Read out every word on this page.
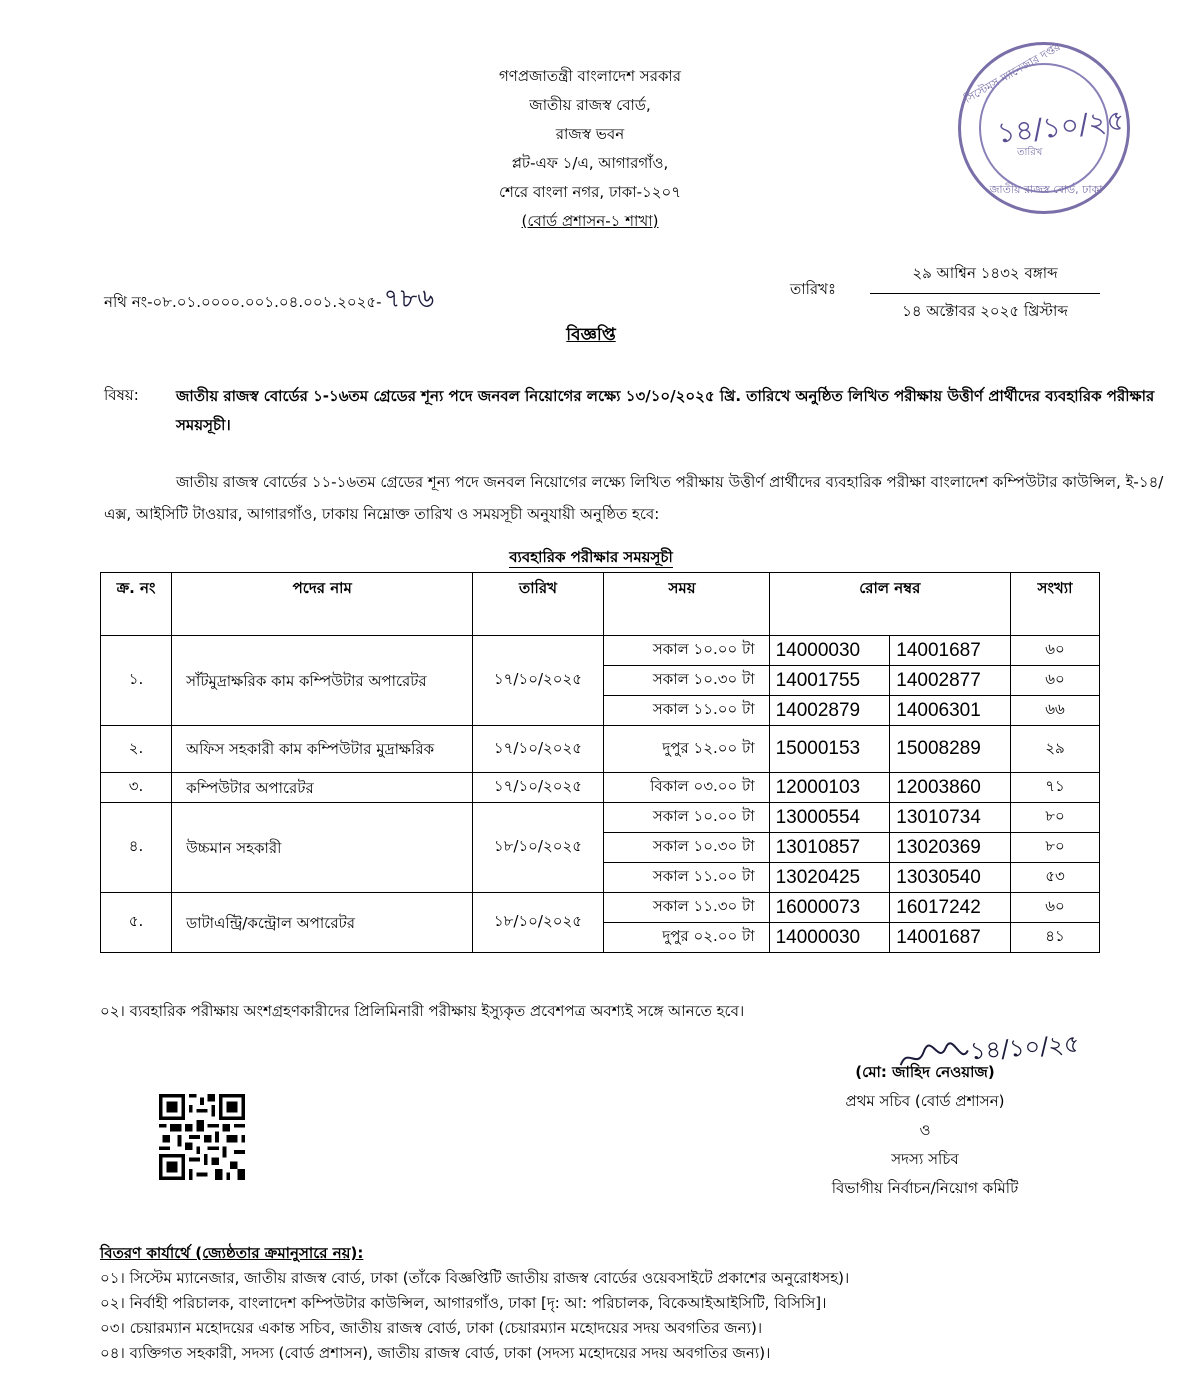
গণপ্রজাতন্ত্রী বাংলাদেশ সরকার
জাতীয় রাজস্ব বোর্ড,
রাজস্ব ভবন
প্লট-এফ ১/এ, আগারগাঁও,
শেরে বাংলা নগর, ঢাকা-১২০৭
(বোর্ড প্রশাসন-১ শাখা)
সিস্টেমস ম্যানেজার দপ্তর
তারিখ
১৪/১০/২৫
জাতীয় রাজস্ব বোর্ড, ঢাকা
নথি নং-০৮.০১.০০০০.০০১.০৪.০০১.২০২৫-৭৮৬	তারিখঃ
২৯ আশ্বিন ১৪৩২ বঙ্গাব্দ
১৪ অক্টোবর ২০২৫ খ্রিস্টাব্দ
বিজ্ঞপ্তি
বিষয়: জাতীয় রাজস্ব বোর্ডের ১-১৬তম গ্রেডের শূন্য পদে জনবল নিয়োগের লক্ষ্যে ১৩/১০/২০২৫ খ্রি. তারিখে অনুষ্ঠিত লিখিত পরীক্ষায় উত্তীর্ণ প্রার্থীদের ব্যবহারিক পরীক্ষার সময়সূচী।
জাতীয় রাজস্ব বোর্ডের ১১-১৬তম গ্রেডের শূন্য পদে জনবল নিয়োগের লক্ষ্যে লিখিত পরীক্ষায় উত্তীর্ণ প্রার্থীদের ব্যবহারিক পরীক্ষা বাংলাদেশ কম্পিউটার কাউন্সিল, ই-১৪/এক্স, আইসিটি টাওয়ার, আগারগাঁও, ঢাকায় নিম্নোক্ত তারিখ ও সময়সূচী অনুযায়ী অনুষ্ঠিত হবে:
ব্যবহারিক পরীক্ষার সময়সূচী
ক্র. নং	পদের নাম	তারিখ	সময়	রোল নম্বর		সংখ্যা
১.	সাঁটমুদ্রাক্ষরিক কাম কম্পিউটার অপারেটর	১৭/১০/২০২৫	সকাল ১০.০০ টা	14000030	14001687	৬০
			সকাল ১০.৩০ টা	14001755	14002877	৬০
			সকাল ১১.০০ টা	14002879	14006301	৬৬
২.	অফিস সহকারী কাম কম্পিউটার মুদ্রাক্ষরিক	১৭/১০/২০২৫	দুপুর ১২.০০ টা	15000153	15008289	২৯
৩.	কম্পিউটার অপারেটর	১৭/১০/২০২৫	বিকাল ০৩.০০ টা	12000103	12003860	৭১
৪.	উচ্চমান সহকারী	১৮/১০/২০২৫	সকাল ১০.০০ টা	13000554	13010734	৮০
			সকাল ১০.৩০ টা	13010857	13020369	৮০
			সকাল ১১.০০ টা	13020425	13030540	৫৩
৫.	ডাটাএন্ট্রি/কন্ট্রোল অপারেটর	১৮/১০/২০২৫	সকাল ১১.৩০ টা	16000073	16017242	৬০
			দুপুর ০২.০০ টা	14000030	14001687	৪১
০২। ব্যবহারিক পরীক্ষায় অংশগ্রহণকারীদের প্রিলিমিনারী পরীক্ষায় ইস্যুকৃত প্রবেশপত্র অবশ্যই সঙ্গে আনতে হবে।
১৪/১০/২৫
(মো: জাহিদ নেওয়াজ)
প্রথম সচিব (বোর্ড প্রশাসন)
ও
সদস্য সচিব
বিভাগীয় নির্বাচন/নিয়োগ কমিটি
বিতরণ কার্যার্থে (জ্যেষ্ঠতার ক্রমানুসারে নয়):
০১। সিস্টেম ম্যানেজার, জাতীয় রাজস্ব বোর্ড, ঢাকা (তাঁকে বিজ্ঞপ্তিটি জাতীয় রাজস্ব বোর্ডের ওয়েবসাইটে প্রকাশের অনুরোধসহ)।
০২। নির্বাহী পরিচালক, বাংলাদেশ কম্পিউটার কাউন্সিল, আগারগাঁও, ঢাকা [দৃ: আ: পরিচালক, বিকেআইআইসিটি, বিসিসি]।
০৩। চেয়ারম্যান মহোদয়ের একান্ত সচিব, জাতীয় রাজস্ব বোর্ড, ঢাকা (চেয়ারম্যান মহোদয়ের সদয় অবগতির জন্য)।
০৪। ব্যক্তিগত সহকারী, সদস্য (বোর্ড প্রশাসন), জাতীয় রাজস্ব বোর্ড, ঢাকা (সদস্য মহোদয়ের সদয় অবগতির জন্য)।
